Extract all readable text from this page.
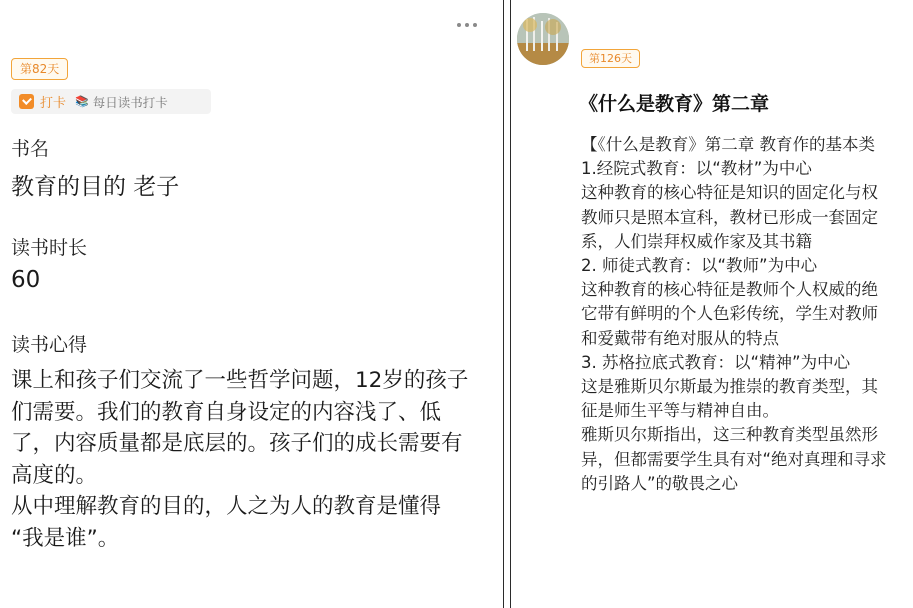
第82天
打卡 📚 每日读书打卡
书名
教育的目的 老子
读书时长
60
读书心得

课上和孩子们交流了一些哲学问题，12岁的孩子

们需要。我们的教育自身设定的内容浅了、低

了，内容质量都是底层的。孩子们的成长需要有

高度的。

从中理解教育的目的，人之为人的教育是懂得

“我是谁”。

第126天
《什么是教育》第二章

【《什么是教育》第二章 教育作的基本类

1.经院式教育：以“教材”为中心

这种教育的核心特征是知识的固定化与权

教师只是照本宣科，教材已形成一套固定

系，人们崇拜权威作家及其书籍

2. 师徒式教育：以“教师”为中心

这种教育的核心特征是教师个人权威的绝

它带有鲜明的个人色彩传统，学生对教师

和爱戴带有绝对服从的特点

3. 苏格拉底式教育：以“精神”为中心

这是雅斯贝尔斯最为推崇的教育类型，其

征是师生平等与精神自由。

雅斯贝尔斯指出，这三种教育类型虽然形

异，但都需要学生具有对“绝对真理和寻求

的引路人”的敬畏之心
